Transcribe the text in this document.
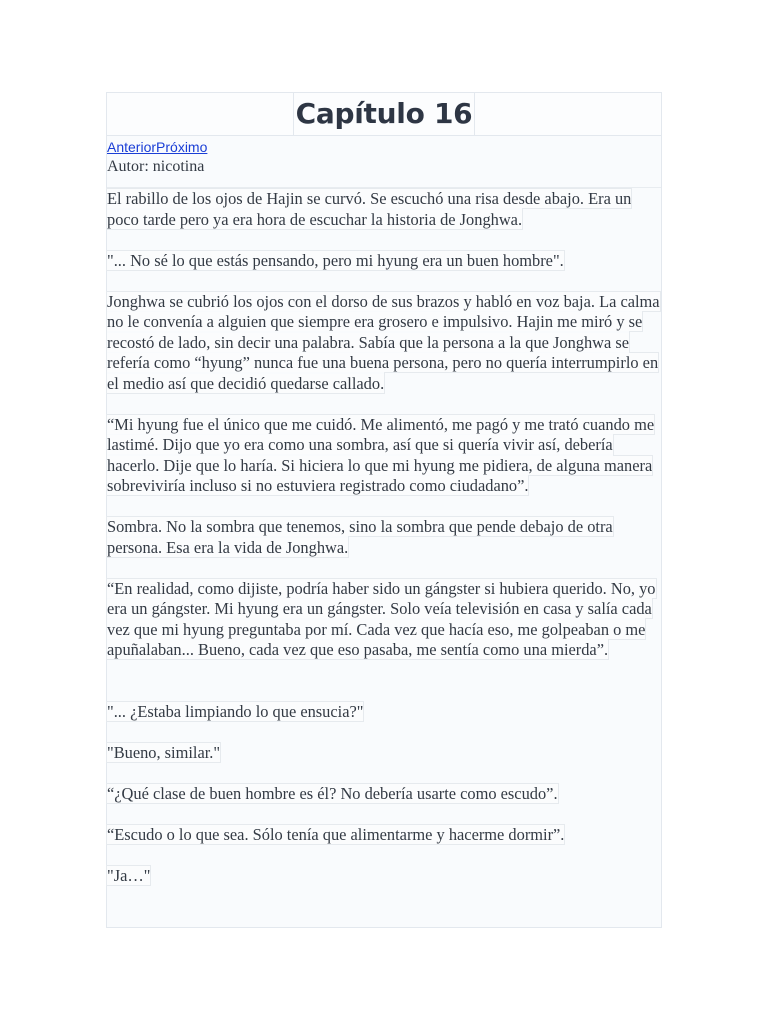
Capítulo 16
AnteriorPróximo
Autor: nicotina

El rabillo de los ojos de Hajin se curvó. Se escuchó una risa desde abajo. Era un poco tarde pero ya era hora de escuchar la historia de Jonghwa.

"... No sé lo que estás pensando, pero mi hyung era un buen hombre".

Jonghwa se cubrió los ojos con el dorso de sus brazos y habló en voz baja. La calma no le convenía a alguien que siempre era grosero e impulsivo. Hajin me miró y se recostó de lado, sin decir una palabra. Sabía que la persona a la que Jonghwa se refería como “hyung” nunca fue una buena persona, pero no quería interrumpirlo en el medio así que decidió quedarse callado.

“Mi hyung fue el único que me cuidó. Me alimentó, me pagó y me trató cuando me lastimé. Dijo que yo era como una sombra, así que si quería vivir así, debería hacerlo. Dije que lo haría. Si hiciera lo que mi hyung me pidiera, de alguna manera sobreviviría incluso si no estuviera registrado como ciudadano”.

Sombra. No la sombra que tenemos, sino la sombra que pende debajo de otra persona. Esa era la vida de Jonghwa.

“En realidad, como dijiste, podría haber sido un gángster si hubiera querido. No, yo era un gángster. Mi hyung era un gángster. Solo veía televisión en casa y salía cada vez que mi hyung preguntaba por mí. Cada vez que hacía eso, me golpeaban o me apuñalaban... Bueno, cada vez que eso pasaba, me sentía como una mierda”.

"... ¿Estaba limpiando lo que ensucia?"

"Bueno, similar."

“¿Qué clase de buen hombre es él? No debería usarte como escudo”.

“Escudo o lo que sea. Sólo tenía que alimentarme y hacerme dormir”.

"Ja…"
